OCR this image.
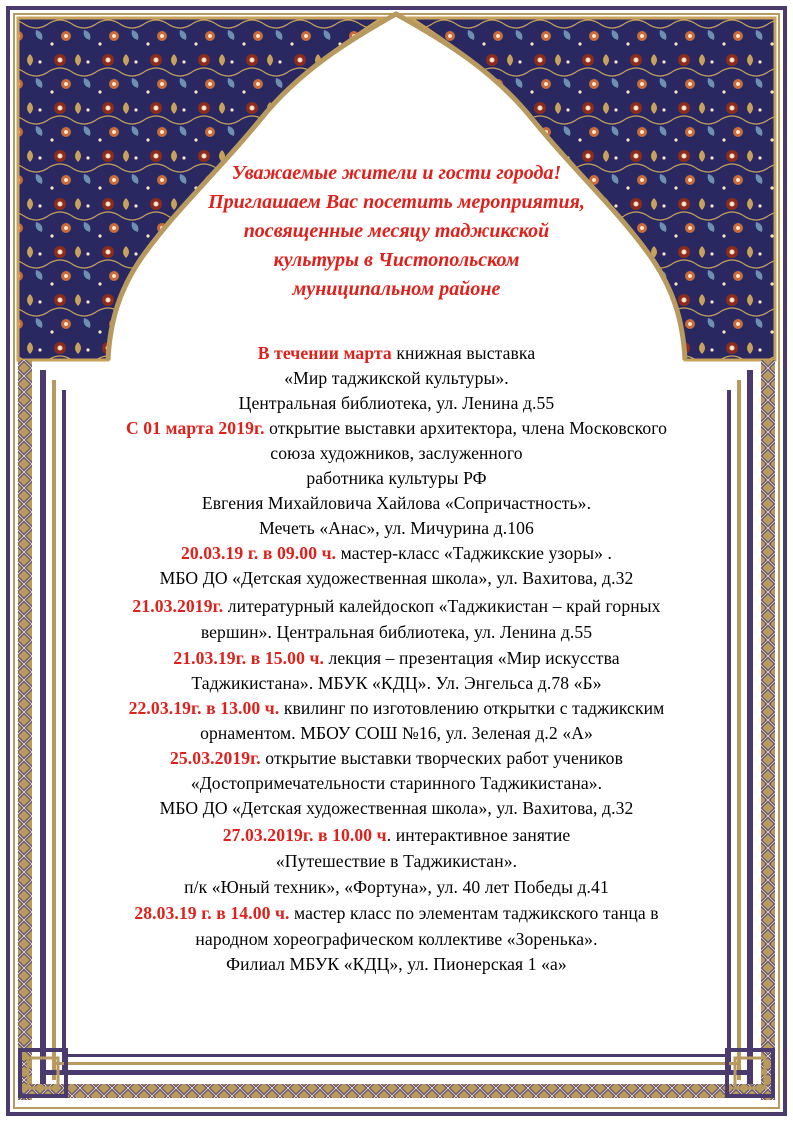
Уважаемые жители и гости города!
Приглашаем Вас посетить мероприятия,
посвященные месяцу таджикской
культуры в Чистопольском
муниципальном районе
В течении марта книжная выставка
«Мир таджикской культуры».
Центральная библиотека, ул. Ленина д.55
С 01 марта 2019г. открытие выставки архитектора, члена Московского
союза художников, заслуженного
работника культуры РФ
Евгения Михайловича Хайлова «Сопричастность».
Мечеть «Анас», ул. Мичурина д.106
20.03.19 г. в 09.00 ч. мастер-класс «Таджикские узоры» .
МБО ДО «Детская художественная школа», ул. Вахитова, д.32
21.03.2019г. литературный калейдоскоп «Таджикистан – край горных
вершин». Центральная библиотека, ул. Ленина д.55
21.03.19г. в 15.00 ч. лекция – презентация «Мир искусства
Таджикистана». МБУК «КДЦ». Ул. Энгельса д.78 «Б»
22.03.19г. в 13.00 ч. квилинг по изготовлению открытки с таджикским
орнаментом. МБОУ СОШ №16, ул. Зеленая д.2 «А»
25.03.2019г. открытие выставки творческих работ учеников
«Достопримечательности старинного Таджикистана».
МБО ДО «Детская художественная школа», ул. Вахитова, д.32
27.03.2019г. в 10.00 ч. интерактивное занятие
«Путешествие в Таджикистан».
п/к «Юный техник», «Фортуна», ул. 40 лет Победы д.41
28.03.19 г. в 14.00 ч. мастер класс по элементам таджикского танца в
народном хореографическом коллективе «Зоренька».
Филиал МБУК «КДЦ», ул. Пионерская 1 «а»
